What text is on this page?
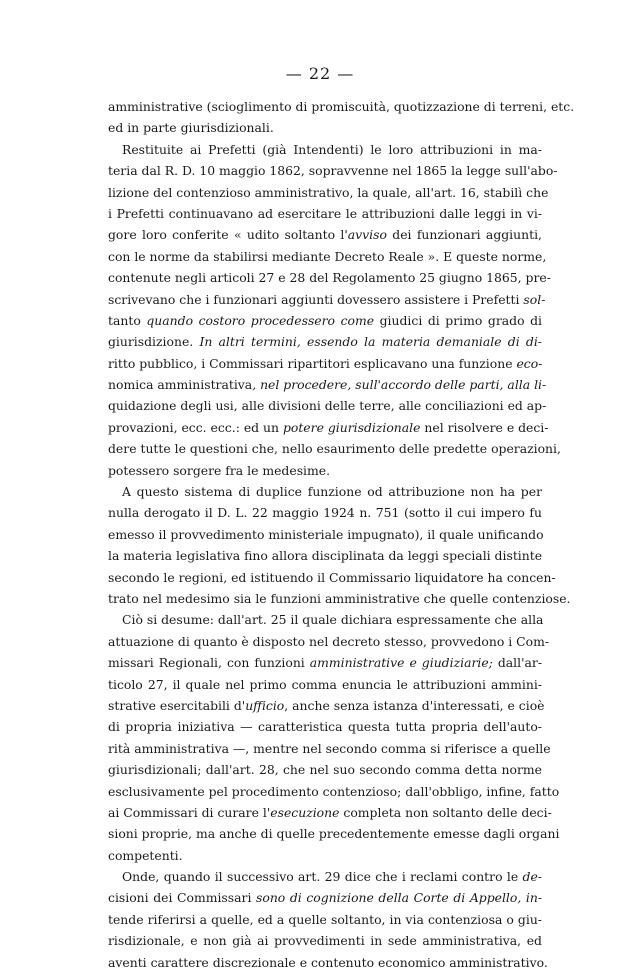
— 22 —
amministrative (scioglimento di promiscuità, quotizzazione di terreni, etc.
ed in parte giurisdizionali.
Restituite ai Prefetti (già Intendenti) le loro attribuzioni in ma-
teria dal R. D. 10 maggio 1862, sopravvenne nel 1865 la legge sull'abo-
lizione del contenzioso amministrativo, la quale, all'art. 16, stabilì che
i Prefetti continuavano ad esercitare le attribuzioni dalle leggi in vi-
gore loro conferite « udito soltanto l'avviso dei funzionari aggiunti,
con le norme da stabilirsi mediante Decreto Reale ». E queste norme,
contenute negli articoli 27 e 28 del Regolamento 25 giugno 1865, pre-
scrivevano che i funzionari aggiunti dovessero assistere i Prefetti sol-
tanto quando costoro procedessero come giudici di primo grado di
giurisdizione. In altri termini, essendo la materia demaniale di di-
ritto pubblico, i Commissari ripartitori esplicavano una funzione eco-
nomica amministrativa, nel procedere, sull'accordo delle parti, alla li-
quidazione degli usi, alle divisioni delle terre, alle conciliazioni ed ap-
provazioni, ecc. ecc.: ed un potere giurisdizionale nel risolvere e deci-
dere tutte le questioni che, nello esaurimento delle predette operazioni,
potessero sorgere fra le medesime.
A questo sistema di duplice funzione od attribuzione non ha per
nulla derogato il D. L. 22 maggio 1924 n. 751 (sotto il cui impero fu
emesso il provvedimento ministeriale impugnato), il quale unificando
la materia legislativa fino allora disciplinata da leggi speciali distinte
secondo le regioni, ed istituendo il Commissario liquidatore ha concen-
trato nel medesimo sia le funzioni amministrative che quelle contenziose.
Ciò si desume: dall'art. 25 il quale dichiara espressamente che alla
attuazione di quanto è disposto nel decreto stesso, provvedono i Com-
missari Regionali, con funzioni amministrative e giudiziarie; dall'ar-
ticolo 27, il quale nel primo comma enuncia le attribuzioni ammini-
strative esercitabili d'ufficio, anche senza istanza d'interessati, e cioè
di propria iniziativa — caratteristica questa tutta propria dell'auto-
rità amministrativa —, mentre nel secondo comma si riferisce a quelle
giurisdizionali; dall'art. 28, che nel suo secondo comma detta norme
esclusivamente pel procedimento contenzioso; dall'obbligo, infine, fatto
ai Commissari di curare l'esecuzione completa non soltanto delle deci-
sioni proprie, ma anche di quelle precedentemente emesse dagli organi
competenti.
Onde, quando il successivo art. 29 dice che i reclami contro le de-
cisioni dei Commissari sono di cognizione della Corte di Appello, in-
tende riferirsi a quelle, ed a quelle soltanto, in via contenziosa o giu-
risdizionale, e non già ai provvedimenti in sede amministrativa, ed
aventi carattere discrezionale e contenuto economico amministrativo.
